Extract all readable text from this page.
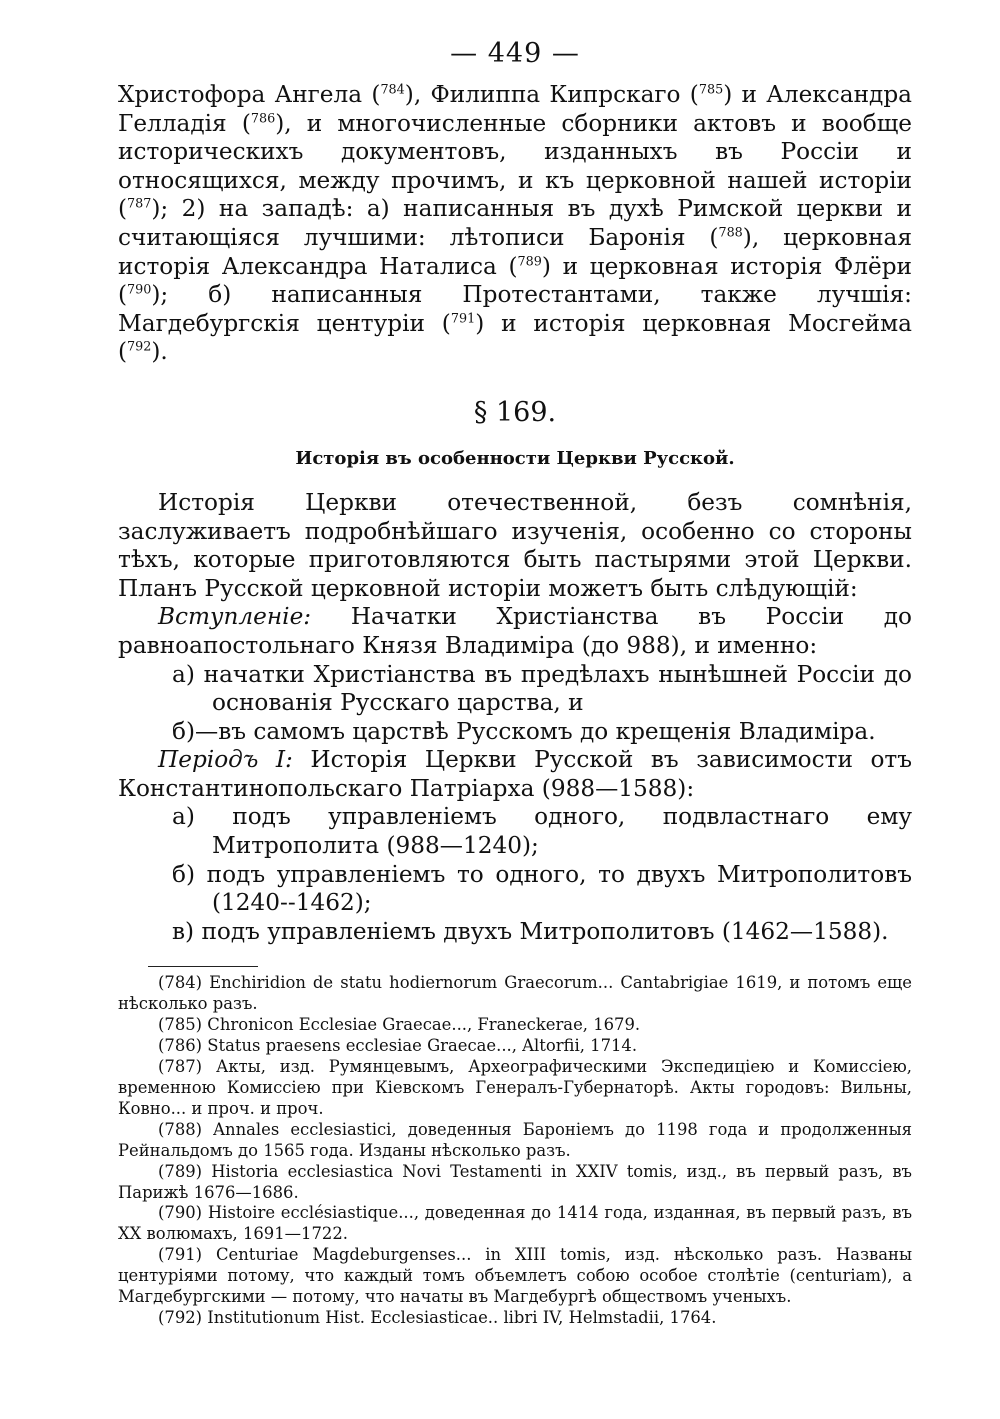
— 449 —

Христофора Ангела ($^{784}$), Филиппа Кипрскаго ($^{785}$) и Александра Гелладія ($^{786}$), и многочисленные сборники актовъ и вообще историческихъ документовъ, изданныхъ въ Россіи и относящихся, между прочимъ, и къ церковной нашей исторіи ($^{787}$); 2) на западѣ: а) написанныя въ духѣ Римской церкви и считающіяся лучшими: лѣтописи Баронія ($^{788}$), церковная исторія Александра Наталиса ($^{789}$) и церковная исторія Флёри ($^{790}$); б) написанныя Протестантами, также лучшія: Магдебургскія центуріи ($^{791}$) и исторія церковная Мосгейма ($^{792}$).

§ 169.
Исторія въ особенности Церкви Русской.

Исторія Церкви отечественной, безъ сомнѣнія, заслуживаетъ подробнѣйшаго изученія, особенно со стороны тѣхъ, которые приготовляются быть пастырями этой Церкви. Планъ Русской церковной исторіи можетъ быть слѣдующій:

Вступленіе: Начатки Христіанства въ Россіи до равноапостольнаго Князя Владиміра (до 988), и именно:

а) начатки Христіанства въ предѣлахъ нынѣшней Россіи до основанія Русскаго царства, и

б)—въ самомъ царствѣ Русскомъ до крещенія Владиміра.

Періодъ I: Исторія Церкви Русской въ зависимости отъ Константинопольскаго Патріарха (988—1588):

а) подъ управленіемъ одного, подвластнаго ему Митрополита (988—1240);

б) подъ управленіемъ то одного, то двухъ Митрополитовъ (1240--1462);

в) подъ управленіемъ двухъ Митрополитовъ (1462—1588).

(784) Enchiridion de statu hodiernorum Graecorum... Cantabrigiae 1619, и потомъ еще нѣсколько разъ.

(785) Chronicon Ecclesiae Graecae..., Franeckerae, 1679.

(786) Status praesens ecclesiae Graecae..., Altorfii, 1714.

(787) Акты, изд. Румянцевымъ, Археографическими Экспедиціею и Комиссіею, временною Комиссіею при Кіевскомъ Генералъ-Губернаторѣ. Акты городовъ: Вильны, Ковно... и проч. и проч.

(788) Annales ecclesiastici, доведенныя Бароніемъ до 1198 года и продолженныя Рейнальдомъ до 1565 года. Изданы нѣсколько разъ.

(789) Historia ecclesiastica Novi Testamenti in XXIV tomis, изд., въ первый разъ, въ Парижѣ 1676—1686.

(790) Histoire ecclésiastique..., доведенная до 1414 года, изданная, въ первый разъ, въ XX волюмахъ, 1691—1722.

(791) Centuriae Magdeburgenses... in XIII tomis, изд. нѣсколько разъ. Названы центуріями потому, что каждый томъ объемлетъ собою особое столѣтіе (centuriam), а Магдебургскими — потому, что начаты въ Магдебургѣ обществомъ ученыхъ.

(792) Institutionum Hist. Ecclesiasticae.. libri IV, Helmstadii, 1764.
